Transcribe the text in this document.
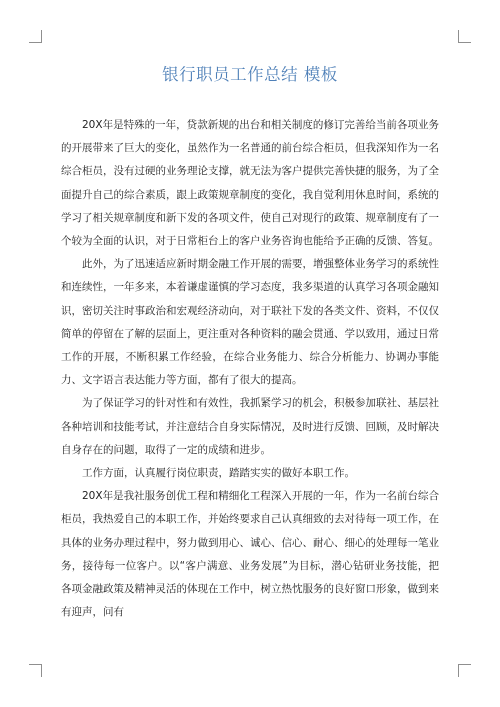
银行职员工作总结 模板

20X年是特殊的一年，贷款新规的出台和相关制度的修订完善给当前各项业务的开展带来了巨大的变化，虽然作为一名普通的前台综合柜员，但我深知作为一名综合柜员，没有过硬的业务理论支撑，就无法为客户提供完善快捷的服务，为了全面提升自己的综合素质，跟上政策规章制度的变化，我自觉利用休息时间，系统的学习了相关规章制度和新下发的各项文件，使自己对现行的政策、规章制度有了一个较为全面的认识，对于日常柜台上的客户业务咨询也能给予正确的反馈、答复。

此外，为了迅速适应新时期金融工作开展的需要，增强整体业务学习的系统性和连续性，一年多来，本着谦虚谨慎的学习态度，我多渠道的认真学习各项金融知识，密切关注时事政治和宏观经济动向，对于联社下发的各类文件、资料，不仅仅简单的停留在了解的层面上，更注重对各种资料的融会贯通、学以致用，通过日常工作的开展，不断积累工作经验，在综合业务能力、综合分析能力、协调办事能力、文字语言表达能力等方面，都有了很大的提高。

为了保证学习的针对性和有效性，我抓紧学习的机会，积极参加联社、基层社各种培训和技能考试，并注意结合自身实际情况，及时进行反馈、回顾，及时解决自身存在的问题，取得了一定的成绩和进步。

工作方面，认真履行岗位职责，踏踏实实的做好本职工作。

20X年是我社服务创优工程和精细化工程深入开展的一年，作为一名前台综合柜员，我热爱自己的本职工作，并始终要求自己认真细致的去对待每一项工作，在具体的业务办理过程中，努力做到用心、诚心、信心、耐心、细心的处理每一笔业务，接待每一位客户。以“客户满意、业务发展”为目标，潜心钻研业务技能，把各项金融政策及精神灵活的体现在工作中，树立热忱服务的良好窗口形象，做到来有迎声，问有
